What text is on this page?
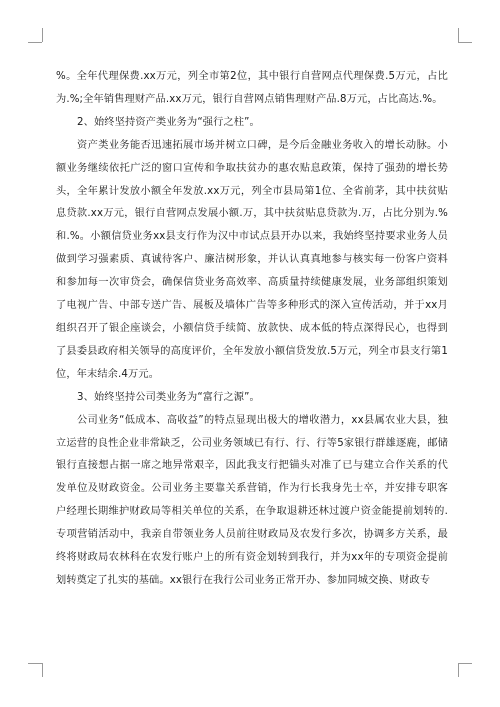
%。全年代理保费.xx万元，列全市第2位，其中银行自营网点代理保费.5万元，占比为.%;全年销售理财产品.xx万元，银行自营网点销售理财产品.8万元，占比高达.%。

2、始终坚持资产类业务为“强行之柱”。

资产类业务能否迅速拓展市场并树立口碑，是今后金融业务收入的增长动脉。小额业务继续依托广泛的窗口宣传和争取扶贫办的惠农贴息政策，保持了强劲的增长势头，全年累计发放小额全年发放.xx万元，列全市县局第1位、全省前茅，其中扶贫贴息贷款.xx万元，银行自营网点发展小额.万，其中扶贫贴息贷款为.万，占比分别为.%和.%。小额信贷业务xx县支行作为汉中市试点县开办以来，我始终坚持要求业务人员做到学习强素质、真诚待客户、廉洁树形象，并认认真真地参与核实每一份客户资料和参加每一次审贷会，确保信贷业务高效率、高质量持续健康发展，业务部组织策划了电视广告、中部专送广告、展板及墙体广告等多种形式的深入宣传活动，并于xx月组织召开了银企座谈会，小额信贷手续简、放款快、成本低的特点深得民心，也得到了县委县政府相关领导的高度评价，全年发放小额信贷发放.5万元，列全市县支行第1位，年末结余.4万元。

3、始终坚持公司类业务为“富行之源”。

公司业务“低成本、高收益”的特点显现出极大的增收潜力，xx县属农业大县，独立运营的良性企业非常缺乏，公司业务领域已有行、行、行等5家银行群雄逐鹿，邮储银行直接想占据一席之地异常艰辛，因此我支行把锚头对准了已与建立合作关系的代发单位及财政资金。公司业务主要靠关系营销，作为行长我身先士卒，并安排专职客户经理长期维护财政局等相关单位的关系，在争取退耕还林过渡户资金能提前划转的.专项营销活动中，我亲自带领业务人员前往财政局及农发行多次，协调多方关系，最终将财政局农林科在农发行账户上的所有资金划转到我行，并为xx年的专项资金提前划转奠定了扎实的基础。xx银行在我行公司业务正常开办、参加同城交换、财政专
